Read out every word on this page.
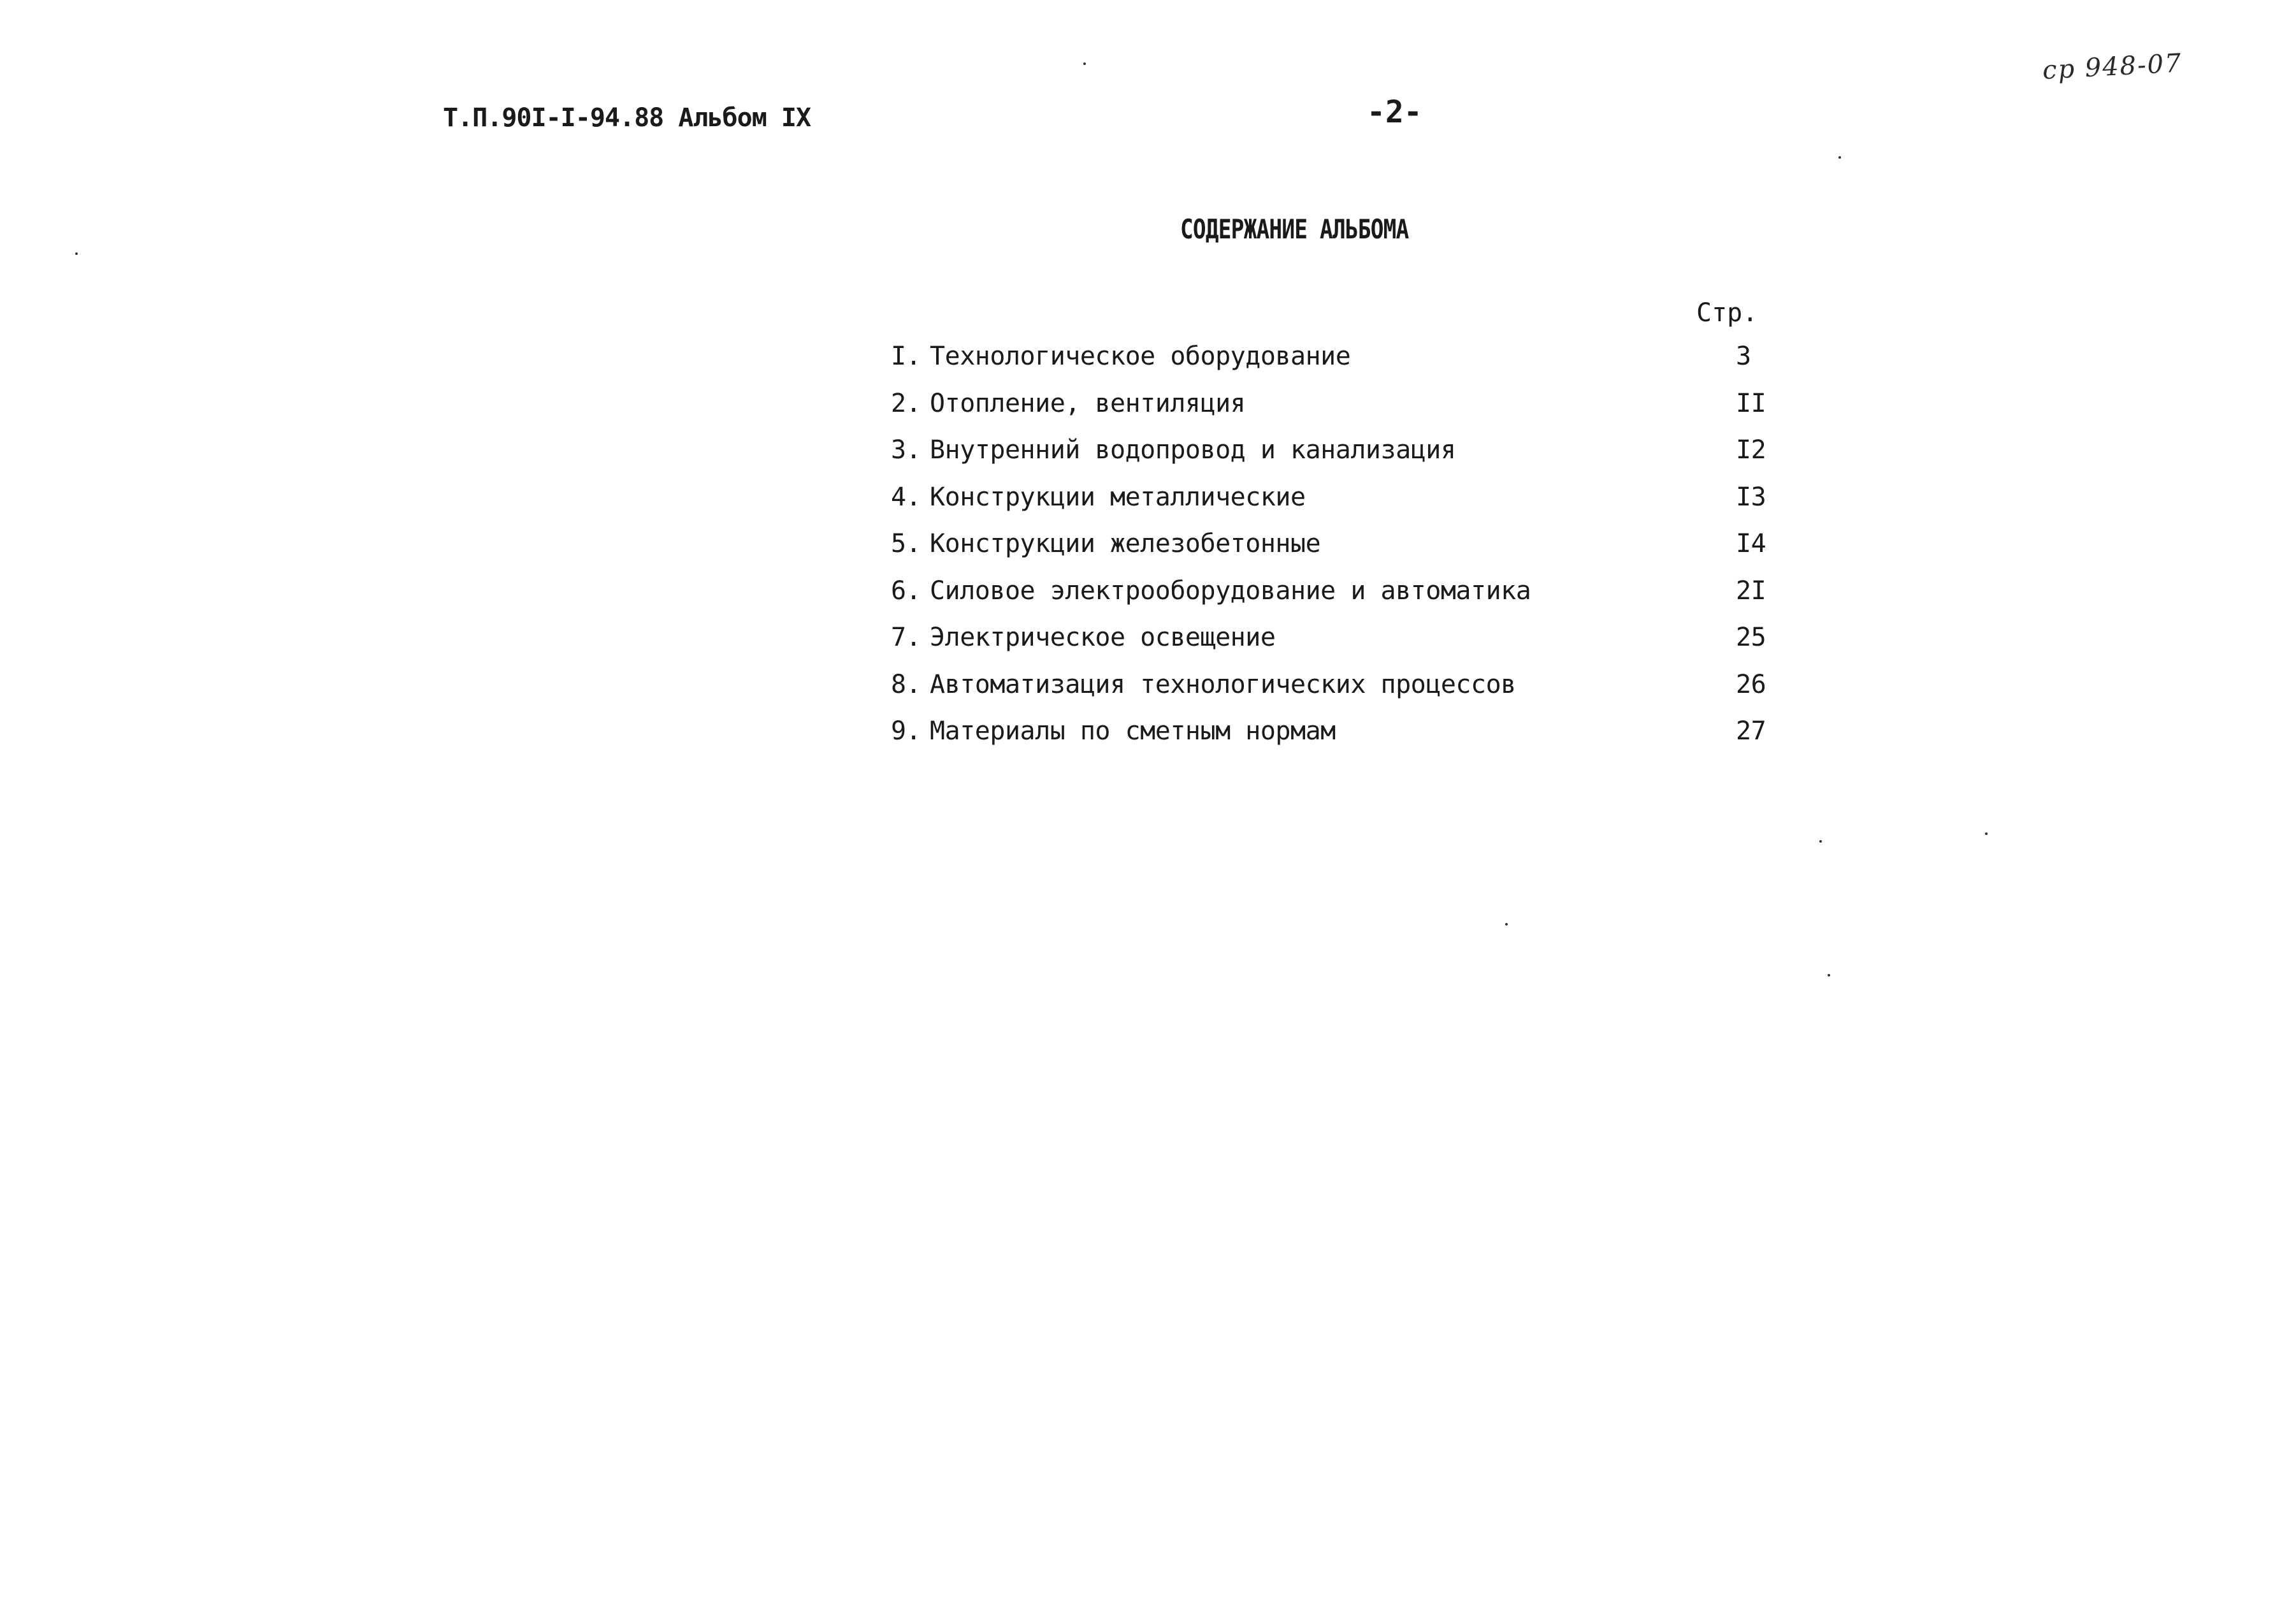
Т.П.90I-I-94.88 Альбом IX	-2-
ср 948-07
СОДЕРЖАНИЕ АЛЬБОМА
Стр.
I. Технологическое оборудование	3
2. Отопление, вентиляция	II
3. Внутренний водопровод и канализация	I2
4. Конструкции металлические	I3
5. Конструкции железобетонные	I4
6. Силовое электрооборудование и автоматика	2I
7. Электрическое освещение	25
8. Автоматизация технологических процессов	26
9. Материалы по сметным нормам	27
